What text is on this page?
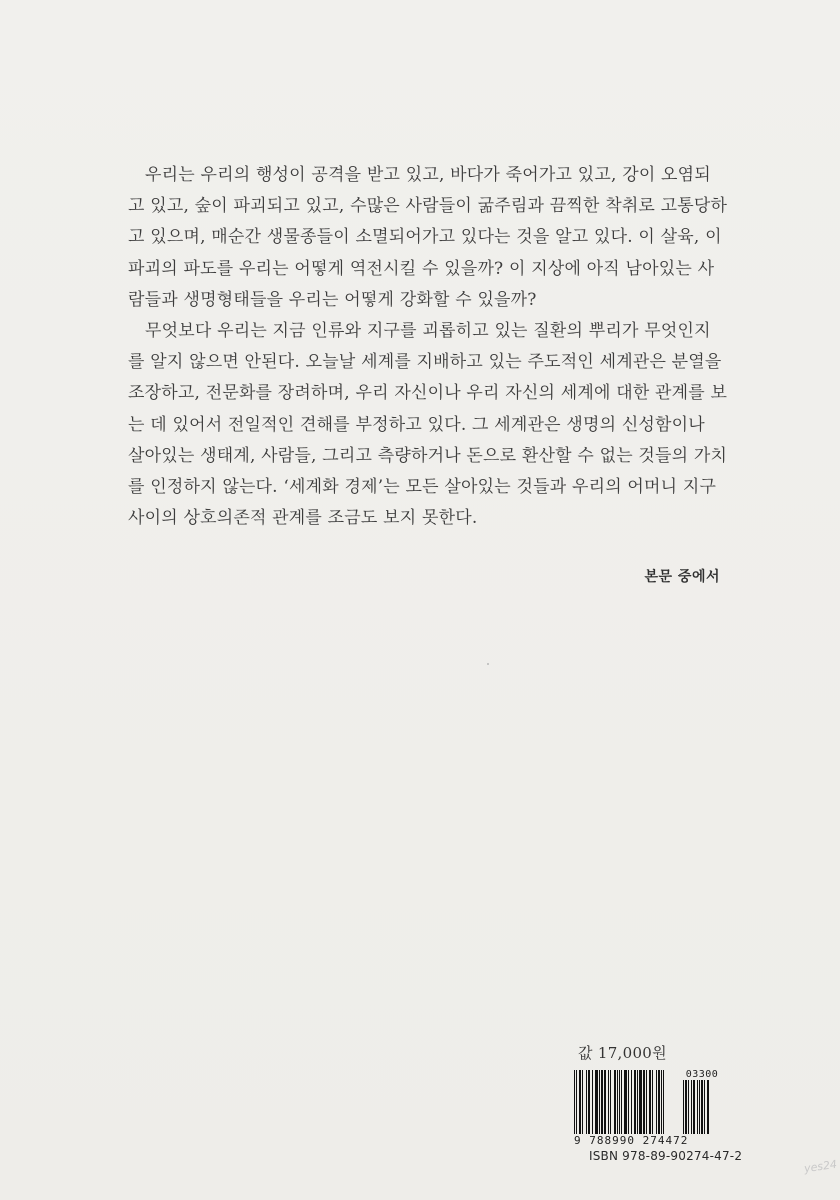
우리는 우리의 행성이 공격을 받고 있고, 바다가 죽어가고 있고, 강이 오염되
고 있고, 숲이 파괴되고 있고, 수많은 사람들이 굶주림과 끔찍한 착취로 고통당하
고 있으며, 매순간 생물종들이 소멸되어가고 있다는 것을 알고 있다. 이 살육, 이
파괴의 파도를 우리는 어떻게 역전시킬 수 있을까? 이 지상에 아직 남아있는 사
람들과 생명형태들을 우리는 어떻게 강화할 수 있을까?

무엇보다 우리는 지금 인류와 지구를 괴롭히고 있는 질환의 뿌리가 무엇인지
를 알지 않으면 안된다. 오늘날 세계를 지배하고 있는 주도적인 세계관은 분열을
조장하고, 전문화를 장려하며, 우리 자신이나 우리 자신의 세계에 대한 관계를 보
는 데 있어서 전일적인 견해를 부정하고 있다. 그 세계관은 생명의 신성함이나
살아있는 생태계, 사람들, 그리고 측량하거나 돈으로 환산할 수 없는 것들의 가치
를 인정하지 않는다. ‘세계화 경제’는 모든 살아있는 것들과 우리의 어머니 지구
사이의 상호의존적 관계를 조금도 보지 못한다.

본문 중에서
값 17,000원
03300
9 788990 274472
ISBN 978-89-90274-47-2
yes24
